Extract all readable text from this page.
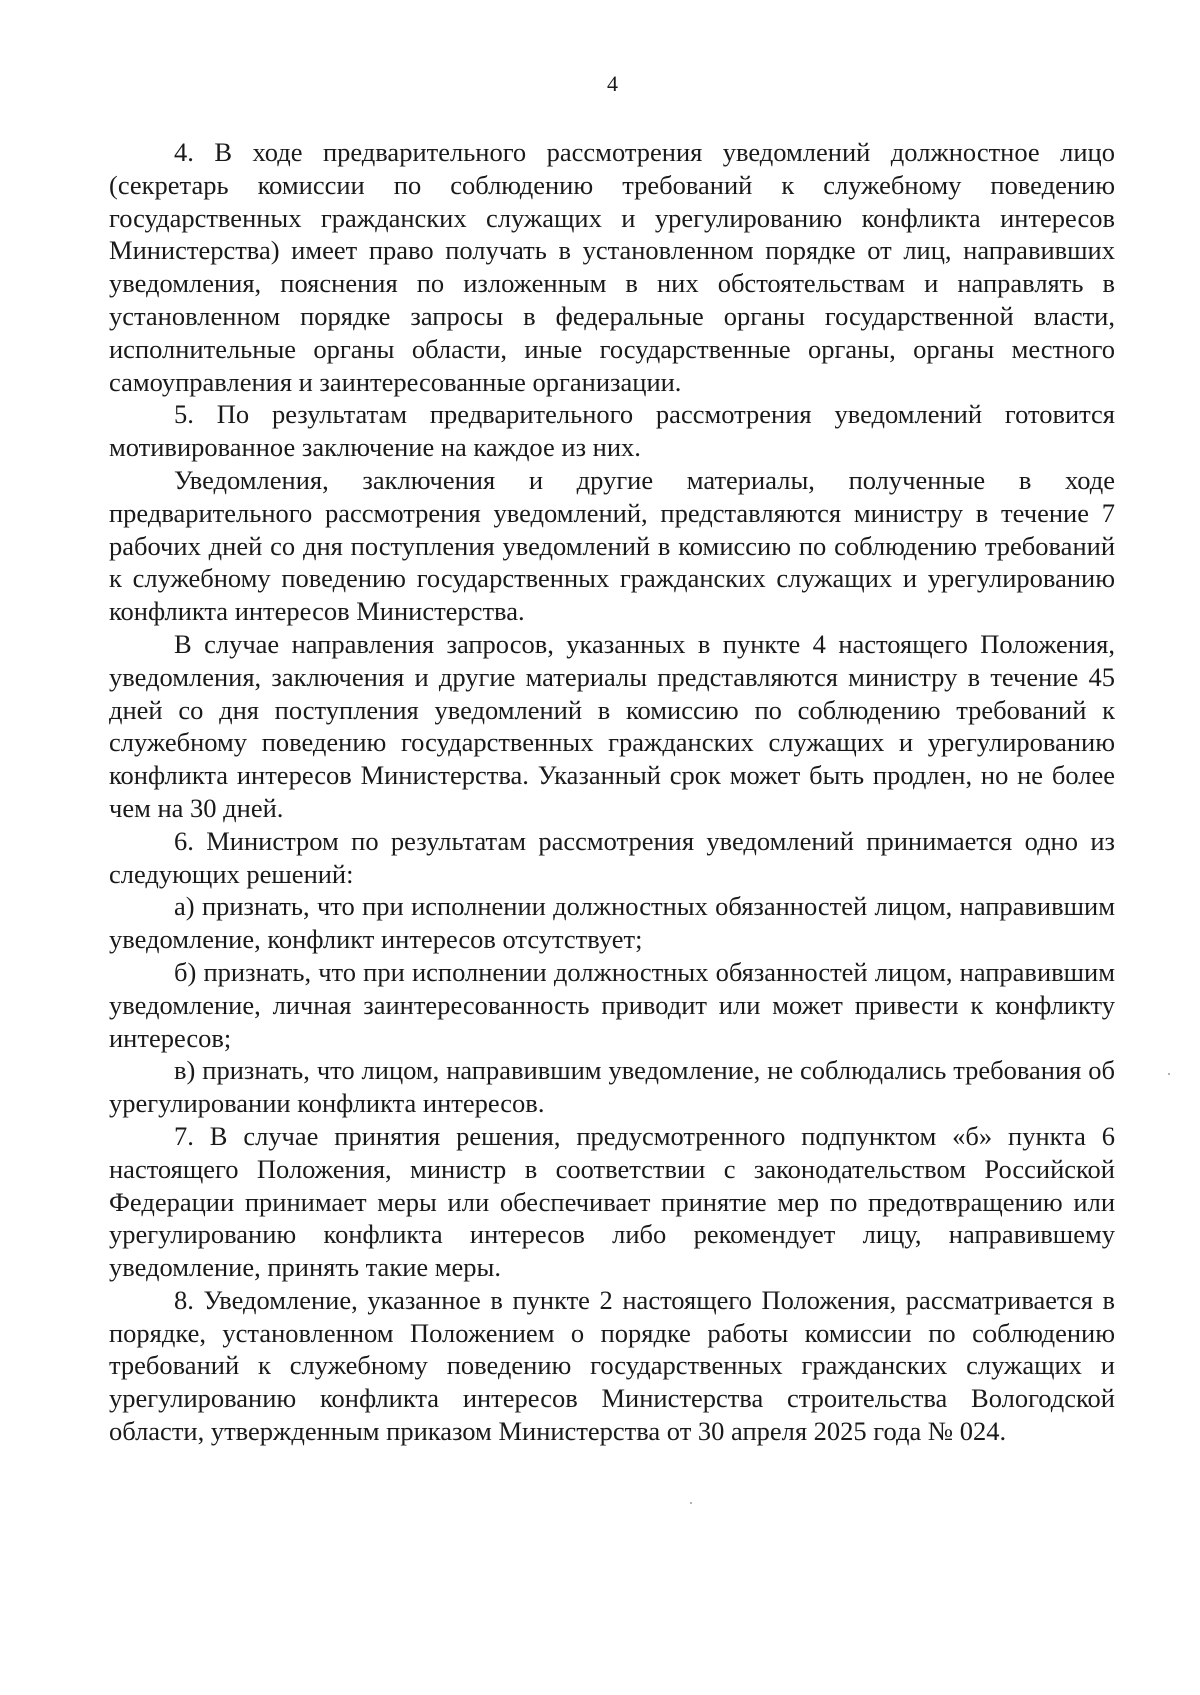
4

4. В ходе предварительного рассмотрения уведомлений должностное лицо (секретарь комиссии по соблюдению требований к служебному поведению государственных гражданских служащих и урегулированию конфликта интересов Министерства) имеет право получать в установленном порядке от лиц, направивших уведомления, пояснения по изложенным в них обстоятельствам и направлять в установленном порядке запросы в федеральные органы государственной власти, исполнительные органы области, иные государственные органы, органы местного самоуправления и заинтересованные организации.

5. По результатам предварительного рассмотрения уведомлений готовится мотивированное заключение на каждое из них.

Уведомления, заключения и другие материалы, полученные в ходе предварительного рассмотрения уведомлений, представляются министру в течение 7 рабочих дней со дня поступления уведомлений в комиссию по соблюдению требований к служебному поведению государственных гражданских служащих и урегулированию конфликта интересов Министерства.

В случае направления запросов, указанных в пункте 4 настоящего Положения, уведомления, заключения и другие материалы представляются министру в течение 45 дней со дня поступления уведомлений в комиссию по соблюдению требований к служебному поведению государственных гражданских служащих и урегулированию конфликта интересов Министерства. Указанный срок может быть продлен, но не более чем на 30 дней.

6. Министром по результатам рассмотрения уведомлений принимается одно из следующих решений:

а) признать, что при исполнении должностных обязанностей лицом, направившим уведомление, конфликт интересов отсутствует;

б) признать, что при исполнении должностных обязанностей лицом, направившим уведомление, личная заинтересованность приводит или может привести к конфликту интересов;

в) признать, что лицом, направившим уведомление, не соблюдались требования об урегулировании конфликта интересов.

7. В случае принятия решения, предусмотренного подпунктом «б» пункта 6 настоящего Положения, министр в соответствии с законодательством Российской Федерации принимает меры или обеспечивает принятие мер по предотвращению или урегулированию конфликта интересов либо рекомендует лицу, направившему уведомление, принять такие меры.

8. Уведомление, указанное в пункте 2 настоящего Положения, рассматривается в порядке, установленном Положением о порядке работы комиссии по соблюдению требований к служебному поведению государственных гражданских служащих и урегулированию конфликта интересов Министерства строительства Вологодской области, утвержденным приказом Министерства от 30 апреля 2025 года № 024.
